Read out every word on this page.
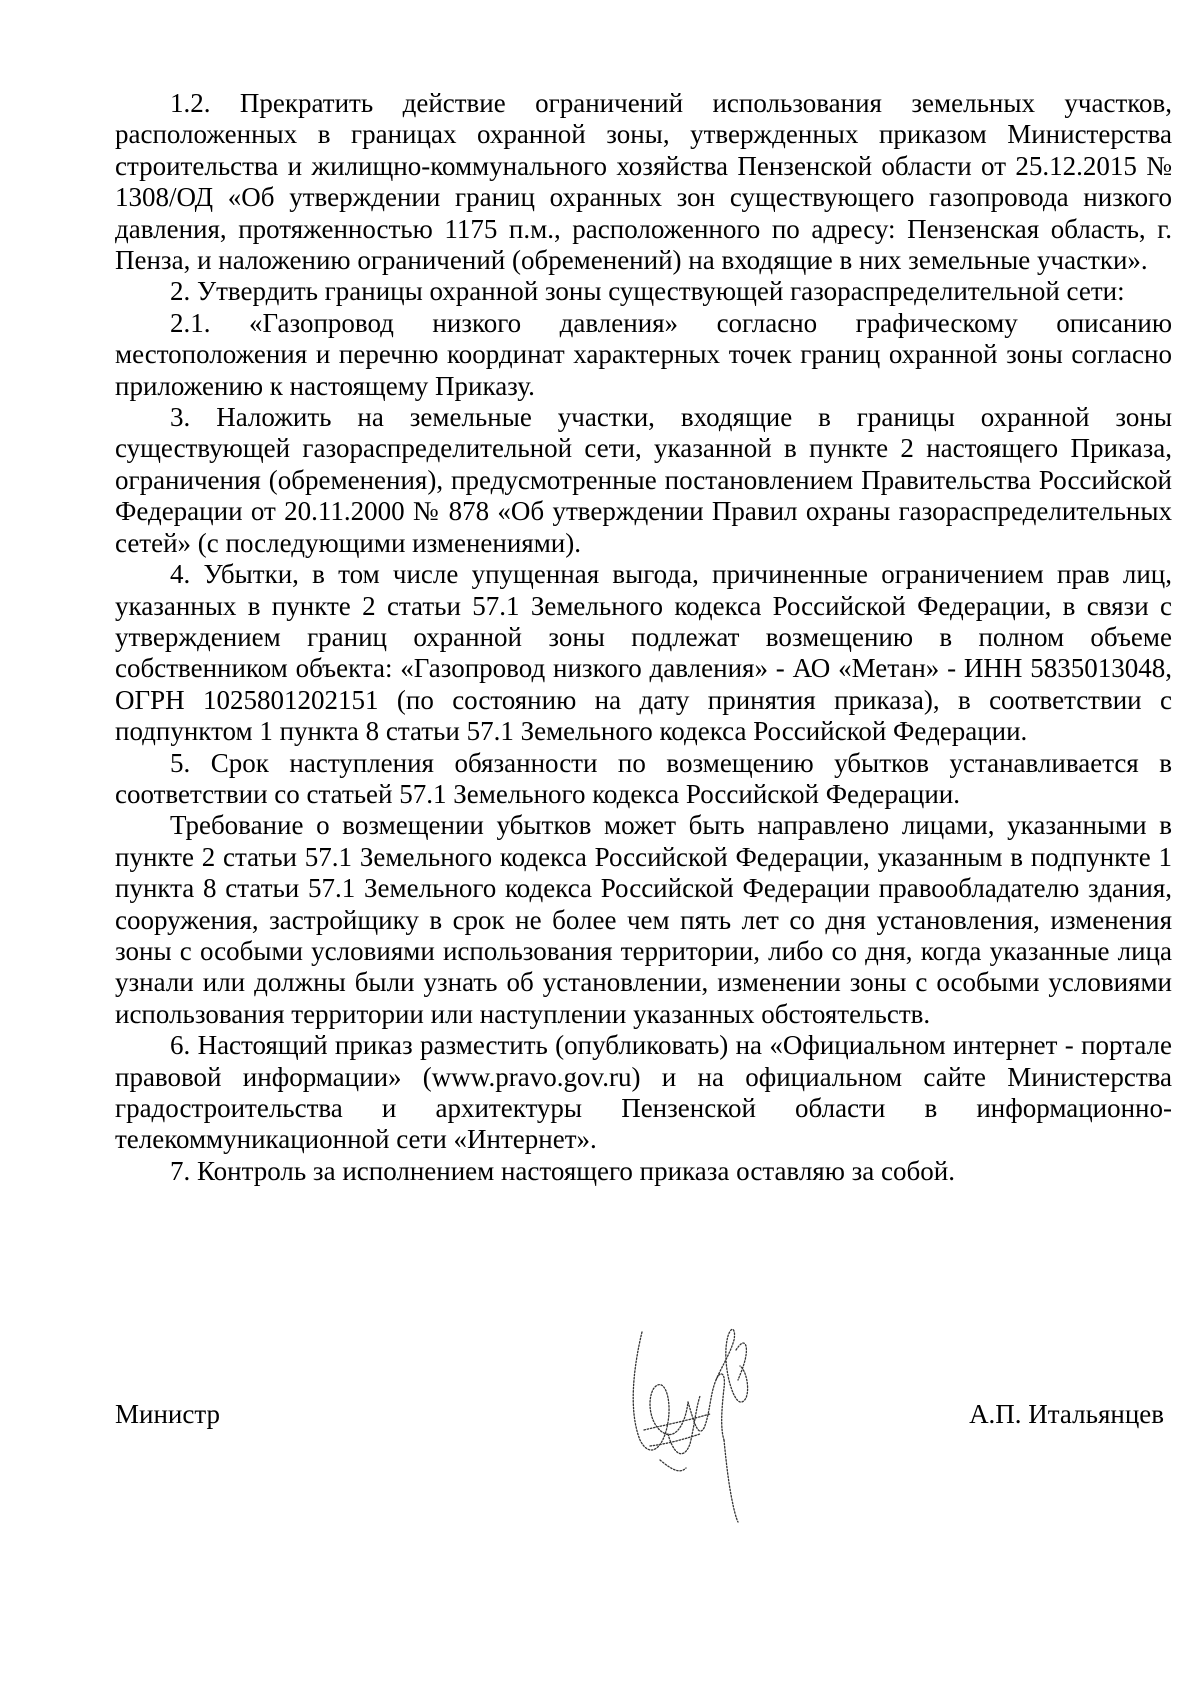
1.2. Прекратить действие ограничений использования земельных участков, расположенных в границах охранной зоны, утвержденных приказом Министерства строительства и жилищно-коммунального хозяйства Пензенской области от 25.12.2015 № 1308/ОД «Об утверждении границ охранных зон существующего газопровода низкого давления, протяженностью 1175 п.м., расположенного по адресу: Пензенская область, г. Пенза, и наложению ограничений (обременений) на входящие в них земельные участки».

2. Утвердить границы охранной зоны существующей газораспределительной сети:

2.1. «Газопровод низкого давления» согласно графическому описанию местоположения и перечню координат характерных точек границ охранной зоны согласно приложению к настоящему Приказу.

3. Наложить на земельные участки, входящие в границы охранной зоны существующей газораспределительной сети, указанной в пункте 2 настоящего Приказа, ограничения (обременения), предусмотренные постановлением Правительства Российской Федерации от 20.11.2000 № 878 «Об утверждении Правил охраны газораспределительных сетей» (с последующими изменениями).

4. Убытки, в том числе упущенная выгода, причиненные ограничением прав лиц, указанных в пункте 2 статьи 57.1 Земельного кодекса Российской Федерации, в связи с утверждением границ охранной зоны подлежат возмещению в полном объеме собственником объекта: «Газопровод низкого давления» - АО «Метан» - ИНН 5835013048, ОГРН 1025801202151 (по состоянию на дату принятия приказа), в соответствии с подпунктом 1 пункта 8 статьи 57.1 Земельного кодекса Российской Федерации.

5. Срок наступления обязанности по возмещению убытков устанавливается в соответствии со статьей 57.1 Земельного кодекса Российской Федерации.

Требование о возмещении убытков может быть направлено лицами, указанными в пункте 2 статьи 57.1 Земельного кодекса Российской Федерации, указанным в подпункте 1 пункта 8 статьи 57.1 Земельного кодекса Российской Федерации правообладателю здания, сооружения, застройщику в срок не более чем пять лет со дня установления, изменения зоны с особыми условиями использования территории, либо со дня, когда указанные лица узнали или должны были узнать об установлении, изменении зоны с особыми условиями использования территории или наступлении указанных обстоятельств.

6. Настоящий приказ разместить (опубликовать) на «Официальном интернет - портале правовой информации» (www.pravo.gov.ru) и на официальном сайте Министерства градостроительства и архитектуры Пензенской области в информационно-телекоммуникационной сети «Интернет».

7. Контроль за исполнением настоящего приказа оставляю за собой.

Министр	А.П. Итальянцев
